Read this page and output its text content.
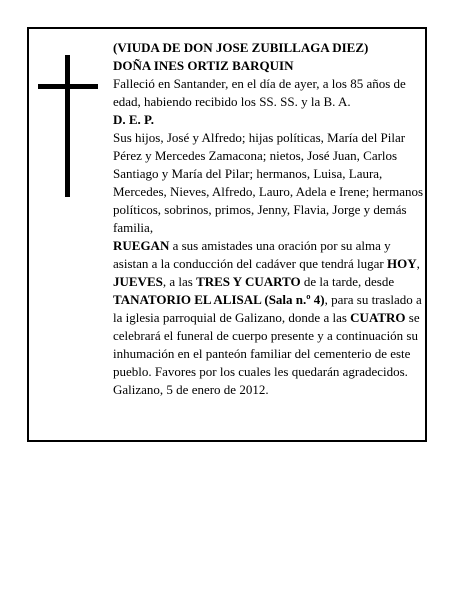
(VIUDA DE DON JOSE ZUBILLAGA DIEZ)

DOÑA INES ORTIZ BARQUIN

Falleció en Santander, en el día de ayer, a los 85 años de edad, habiendo recibido los SS. SS. y la B. A.

D. E. P.

Sus hijos, José y Alfredo; hijas políticas, María del Pilar Pérez y Mercedes Zamacona; nietos, José Juan, Carlos Santiago y María del Pilar; hermanos, Luisa, Laura, Mercedes, Nieves, Alfredo, Lauro, Adela e Irene; hermanos políticos, sobrinos, primos, Jenny, Flavia, Jorge y demás familia,

RUEGAN a sus amistades una oración por su alma y asistan a la conducción del cadáver que tendrá lugar HOY, JUEVES, a las TRES Y CUARTO de la tarde, desde TANATORIO EL ALISAL (Sala n.º 4), para su traslado a la iglesia parroquial de Galizano, donde a las CUATRO se celebrará el funeral de cuerpo presente y a continuación su inhumación en el panteón familiar del cementerio de este pueblo. Favores por los cuales les quedarán agradecidos.

Galizano, 5 de enero de 2012.
